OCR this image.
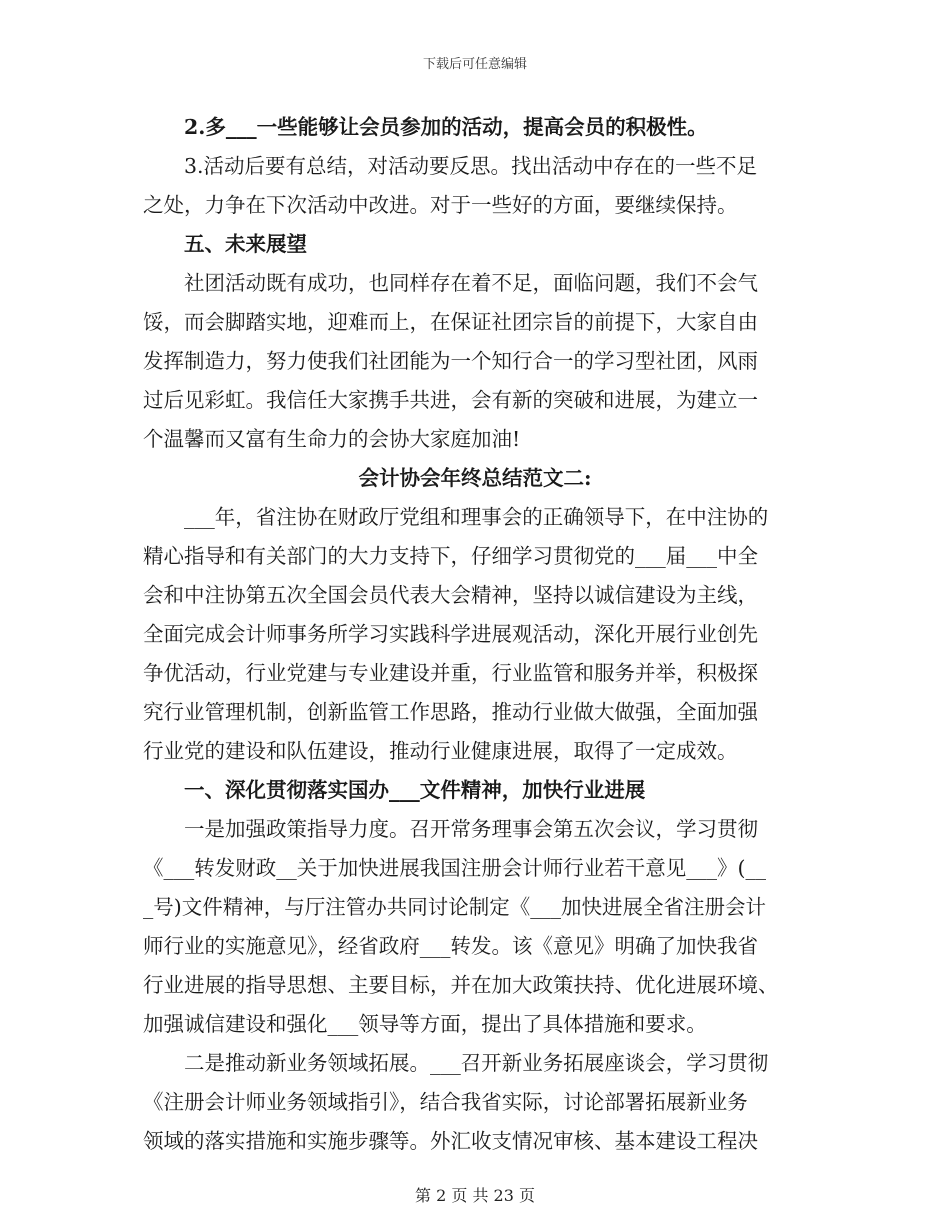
下载后可任意编辑
2.多___一些能够让会员参加的活动，提高会员的积极性。
3.活动后要有总结，对活动要反思。找出活动中存在的一些不足
之处，力争在下次活动中改进。对于一些好的方面，要继续保持。
五、未来展望
社团活动既有成功，也同样存在着不足，面临问题，我们不会气
馁，而会脚踏实地，迎难而上，在保证社团宗旨的前提下，大家自由
发挥制造力，努力使我们社团能为一个知行合一的学习型社团，风雨
过后见彩虹。我信任大家携手共进，会有新的突破和进展，为建立一
个温馨而又富有生命力的会协大家庭加油!
会计协会年终总结范文二:
___年，省注协在财政厅党组和理事会的正确领导下，在中注协的
精心指导和有关部门的大力支持下，仔细学习贯彻党的___届___中全
会和中注协第五次全国会员代表大会精神，坚持以诚信建设为主线，
全面完成会计师事务所学习实践科学进展观活动，深化开展行业创先
争优活动，行业党建与专业建设并重，行业监管和服务并举，积极探
究行业管理机制，创新监管工作思路，推动行业做大做强，全面加强
行业党的建设和队伍建设，推动行业健康进展，取得了一定成效。
一、深化贯彻落实国办___文件精神，加快行业进展
一是加强政策指导力度。召开常务理事会第五次会议，学习贯彻
《___转发财政__关于加快进展我国注册会计师行业若干意见___》(__
_号)文件精神，与厅注管办共同讨论制定《___加快进展全省注册会计
师行业的实施意见》，经省政府___转发。该《意见》明确了加快我省
行业进展的指导思想、主要目标，并在加大政策扶持、优化进展环境、
加强诚信建设和强化___领导等方面，提出了具体措施和要求。
二是推动新业务领域拓展。___召开新业务拓展座谈会，学习贯彻
《注册会计师业务领域指引》，结合我省实际，讨论部署拓展新业务
领域的落实措施和实施步骤等。外汇收支情况审核、基本建设工程决
第 2 页 共 23 页
